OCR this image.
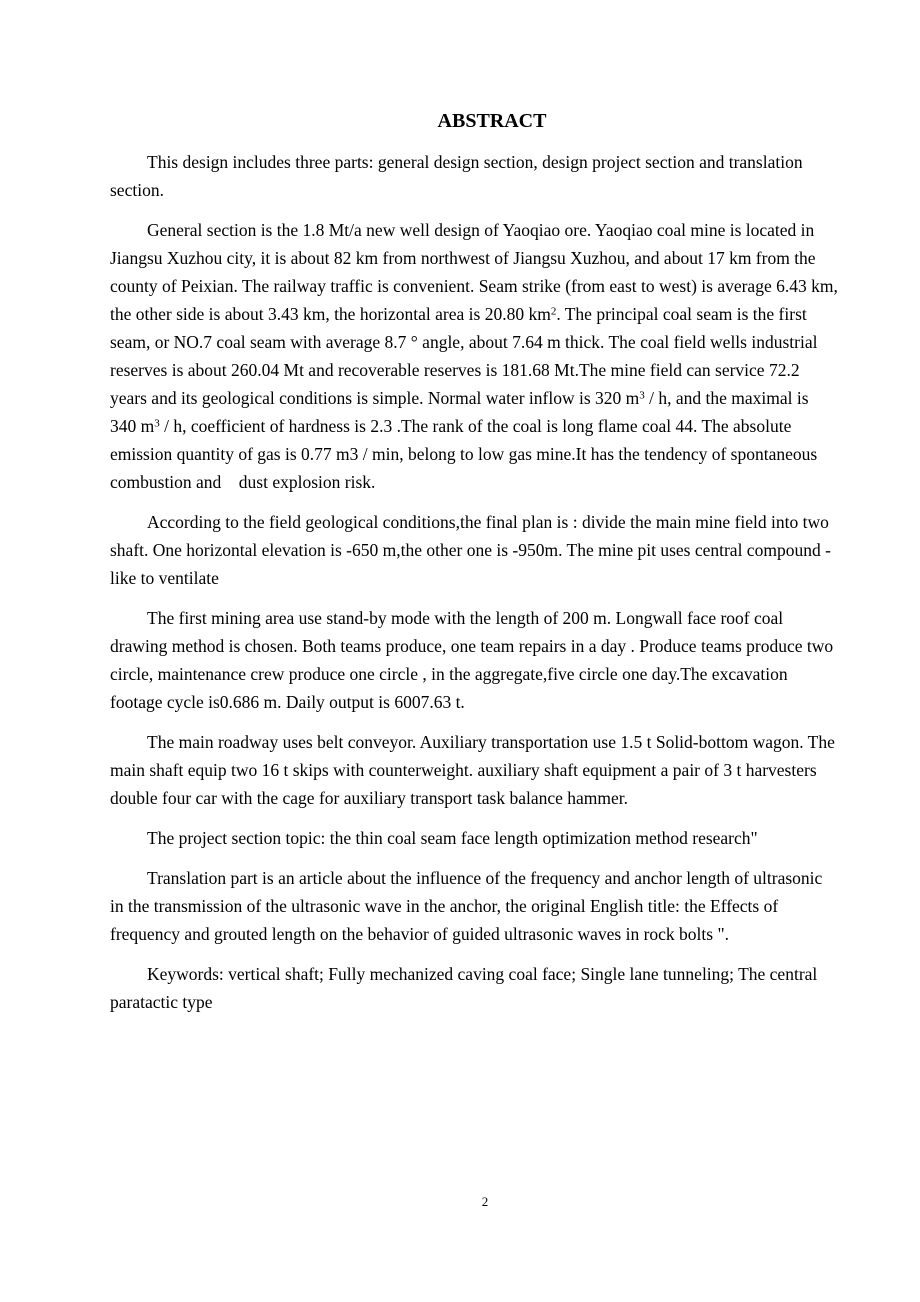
ABSTRACT

This design includes three parts: general design section, design project section and translation section.

General section is the 1.8 Mt/a new well design of Yaoqiao ore. Yaoqiao coal mine is located in Jiangsu Xuzhou city, it is about 82 km from northwest of Jiangsu Xuzhou, and about 17 km from the county of Peixian. The railway traffic is convenient. Seam strike (from east to west) is average 6.43 km, the other side is about 3.43 km, the horizontal area is 20.80 $km^2$. The principal coal seam is the first seam, or NO.7 coal seam with average 8.7 ° angle, about 7.64 m thick. The coal field wells industrial reserves is about 260.04 Mt and recoverable reserves is 181.68 Mt.The mine field can service 72.2 years and its geological conditions is simple. Normal water inflow is 320 $m^3$ / h, and the maximal is 340 $m^3$ / h, coefficient of hardness is 2.3 .The rank of the coal is long flame coal 44. The absolute emission quantity of gas is 0.77 m3 / min, belong to low gas mine.It has the tendency of spontaneous combustion and    dust explosion risk.

According to the field geological conditions,the final plan is : divide the main mine field into two shaft. One horizontal elevation is -650 m,the other one is -950m. The mine pit uses central compound -like to ventilate

The first mining area use stand-by mode with the length of 200 m. Longwall face roof coal drawing method is chosen. Both teams produce, one team repairs in a day . Produce teams produce two circle, maintenance crew produce one circle , in the aggregate,five circle one day.The excavation footage cycle is0.686 m. Daily output is 6007.63 t.

The main roadway uses belt conveyor. Auxiliary transportation use 1.5 t Solid-bottom wagon. The main shaft equip two 16 t skips with counterweight. auxiliary shaft equipment a pair of 3 t harvesters double four car with the cage for auxiliary transport task balance hammer.

The project section topic: the thin coal seam face length optimization method research"

Translation part is an article about the influence of the frequency and anchor length of ultrasonic in the transmission of the ultrasonic wave in the anchor, the original English title: the Effects of frequency and grouted length on the behavior of guided ultrasonic waves in rock bolts ".

Keywords: vertical shaft; Fully mechanized caving coal face; Single lane tunneling; The central paratactic type

2
